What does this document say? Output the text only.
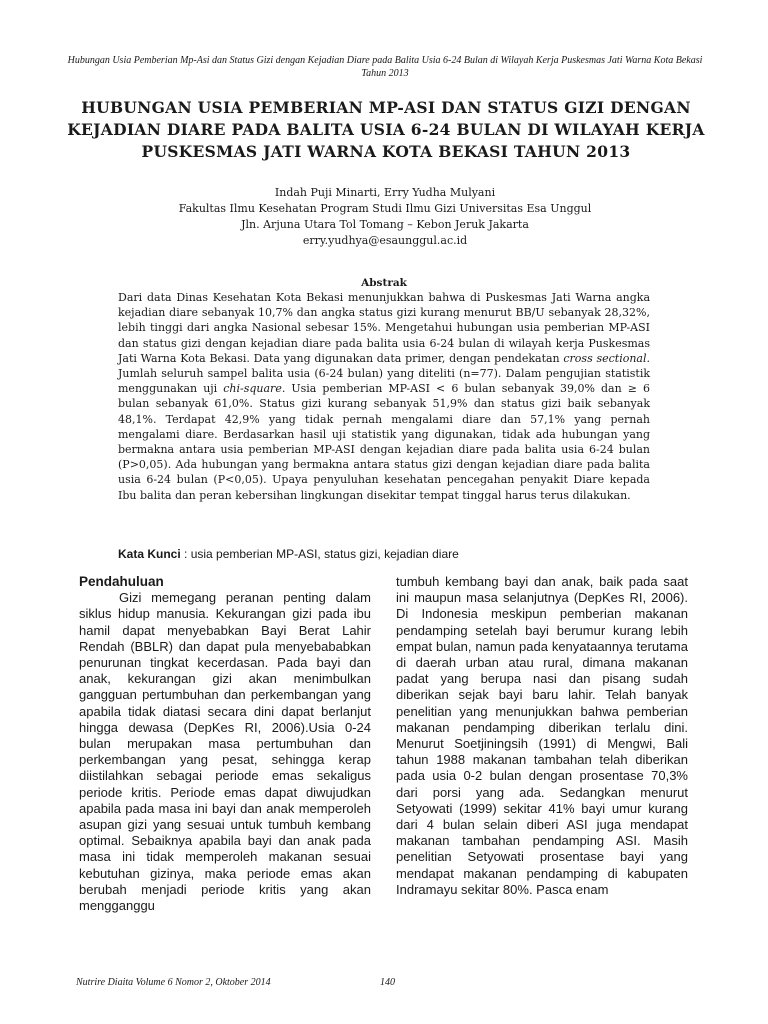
Hubungan Usia Pemberian Mp-Asi dan Status Gizi dengan Kejadian Diare pada Balita Usia 6-24 Bulan di Wilayah Kerja Puskesmas Jati Warna Kota Bekasi Tahun 2013
HUBUNGAN USIA PEMBERIAN MP-ASI DAN STATUS GIZI DENGAN KEJADIAN DIARE PADA BALITA USIA 6-24 BULAN DI WILAYAH KERJA PUSKESMAS JATI WARNA KOTA BEKASI TAHUN 2013
Indah Puji Minarti, Erry Yudha Mulyani
Fakultas Ilmu Kesehatan Program Studi Ilmu Gizi Universitas Esa Unggul
Jln. Arjuna Utara Tol Tomang – Kebon Jeruk Jakarta
erry.yudhya@esaunggul.ac.id
Abstrak

Dari data Dinas Kesehatan Kota Bekasi menunjukkan bahwa di Puskesmas Jati Warna angka kejadian diare sebanyak 10,7% dan angka status gizi kurang menurut BB/U sebanyak 28,32%, lebih tinggi dari angka Nasional sebesar 15%. Mengetahui hubungan usia pemberian MP-ASI dan status gizi dengan kejadian diare pada balita usia 6-24 bulan di wilayah kerja Puskesmas Jati Warna Kota Bekasi. Data yang digunakan data primer, dengan pendekatan cross sectional. Jumlah seluruh sampel balita usia (6-24 bulan) yang diteliti (n=77). Dalam pengujian statistik menggunakan uji chi-square. Usia pemberian MP-ASI < 6 bulan sebanyak 39,0% dan ≥ 6 bulan sebanyak 61,0%. Status gizi kurang sebanyak 51,9% dan status gizi baik sebanyak 48,1%. Terdapat 42,9% yang tidak pernah mengalami diare dan 57,1% yang pernah mengalami diare. Berdasarkan hasil uji statistik yang digunakan, tidak ada hubungan yang bermakna antara usia pemberian MP-ASI dengan kejadian diare pada balita usia 6-24 bulan (P>0,05). Ada hubungan yang bermakna antara status gizi dengan kejadian diare pada balita usia 6-24 bulan (P<0,05). Upaya penyuluhan kesehatan pencegahan penyakit Diare kepada Ibu balita dan peran kebersihan lingkungan disekitar tempat tinggal harus terus dilakukan.

Kata Kunci : usia pemberian MP-ASI, status gizi, kejadian diare

Pendahuluan

Gizi memegang peranan penting dalam siklus hidup manusia. Kekurangan gizi pada ibu hamil dapat menyebabkan Bayi Berat Lahir Rendah (BBLR) dan dapat pula menyebababkan penurunan tingkat kecerdasan. Pada bayi dan anak, kekurangan gizi akan menimbulkan gangguan pertumbuhan dan perkembangan yang apabila tidak diatasi secara dini dapat berlanjut hingga dewasa (DepKes RI, 2006).Usia 0-24 bulan merupakan masa pertumbuhan dan perkembangan yang pesat, sehingga kerap diistilahkan sebagai periode emas sekaligus periode kritis. Periode emas dapat diwujudkan apabila pada masa ini bayi dan anak memperoleh asupan gizi yang sesuai untuk tumbuh kembang optimal. Sebaiknya apabila bayi dan anak pada masa ini tidak memperoleh makanan sesuai kebutuhan gizinya, maka periode emas akan berubah menjadi periode kritis yang akan mengganggu

tumbuh kembang bayi dan anak, baik pada saat ini maupun masa selanjutnya (DepKes RI, 2006). Di Indonesia meskipun pemberian makanan pendamping setelah bayi berumur kurang lebih empat bulan, namun pada kenyataannya terutama di daerah urban atau rural, dimana makanan padat yang berupa nasi dan pisang sudah diberikan sejak bayi baru lahir. Telah banyak penelitian yang menunjukkan bahwa pemberian makanan pendamping diberikan terlalu dini. Menurut Soetjiningsih (1991) di Mengwi, Bali tahun 1988 makanan tambahan telah diberikan pada usia 0-2 bulan dengan prosentase 70,3% dari porsi yang ada. Sedangkan menurut Setyowati (1999) sekitar 41% bayi umur kurang dari 4 bulan selain diberi ASI juga mendapat makanan tambahan pendamping ASI. Masih penelitian Setyowati prosentase bayi yang mendapat makanan pendamping di kabupaten Indramayu sekitar 80%. Pasca enam

Nutrire Diaita Volume 6 Nomor 2, Oktober 2014	140
